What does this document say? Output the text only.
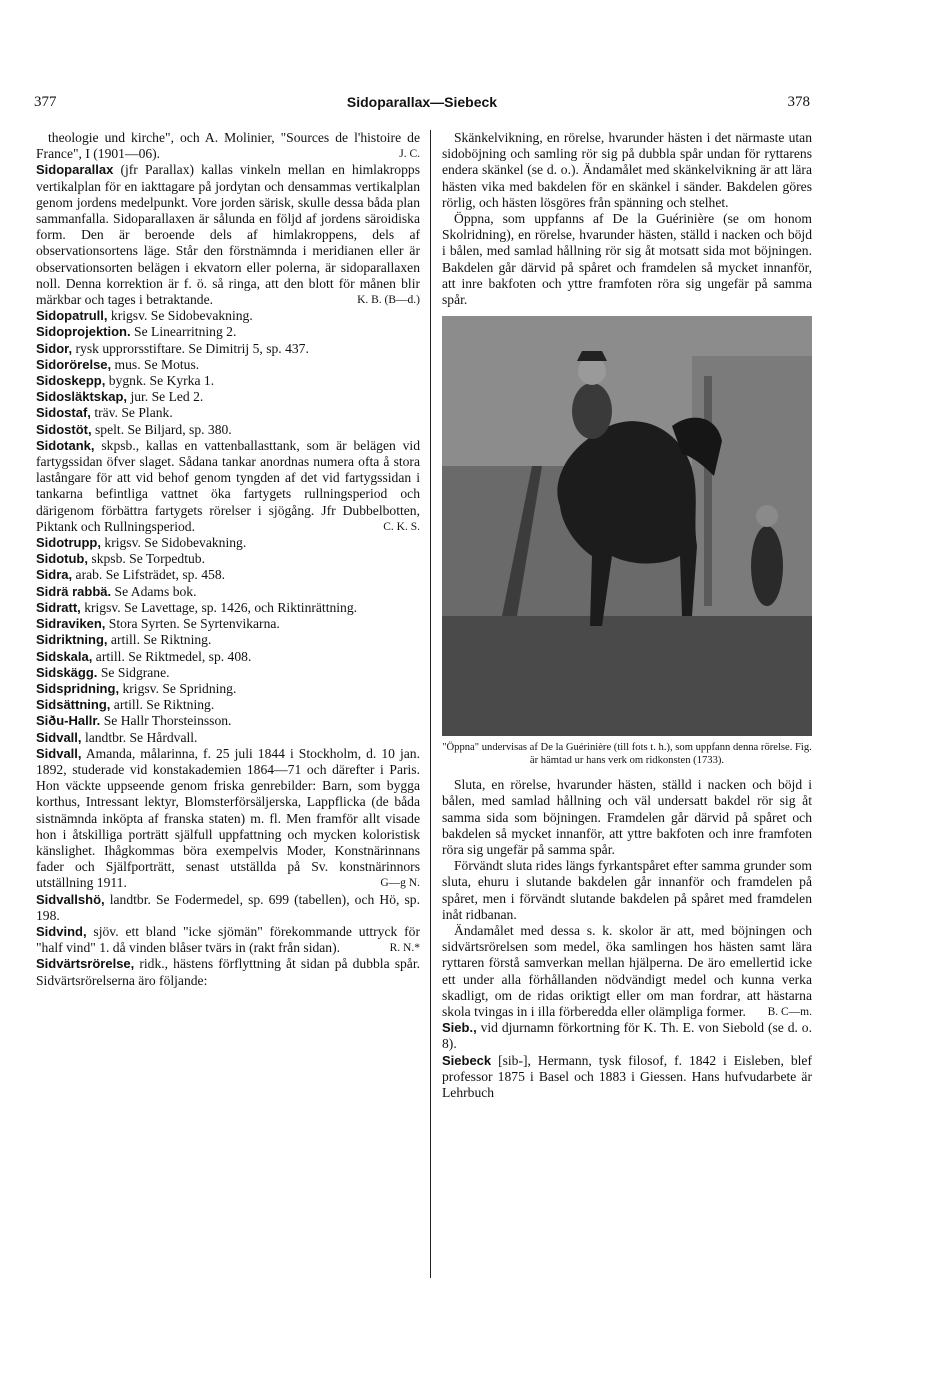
377	Sidoparallax—Siebeck	378

theologie und kirche", och A. Molinier, "Sources de l'histoire de France", I (1901—06).	J. C.

Sidoparallax (jfr Parallax) kallas vinkeln mellan en himlakropps vertikalplan för en iakttagare på jordytan och densammas vertikalplan genom jordens medelpunkt. Vore jorden särisk, skulle dessa båda plan sammanfalla. Sidoparallaxen är sålunda en följd af jordens säroidiska form. Den är beroende dels af himlakroppens, dels af observationsortens läge. Står den förstnämnda i meridianen eller är observationsorten belägen i ekvatorn eller polerna, är sidoparallaxen noll. Denna korrektion är f. ö. så ringa, att den blott för månen blir märkbar och tages i betraktande.	K. B. (B—d.)

Sidopatrull, krigsv. Se Sidobevakning.

Sidoprojektion. Se Linearritning 2.

Sidor, rysk upprorsstiftare. Se Dimitrij 5, sp. 437.

Sidorörelse, mus. Se Motus.

Sidoskepp, bygnk. Se Kyrka 1.

Sidosläktskap, jur. Se Led 2.

Sidostaf, träv. Se Plank.

Sidostöt, spelt. Se Biljard, sp. 380.

Sidotank, skpsb., kallas en vattenballasttank, som är belägen vid fartygssidan öfver slaget. Sådana tankar anordnas numera ofta å stora lastångare för att vid behof genom tyngden af det vid fartygssidan i tankarna befintliga vattnet öka fartygets rullningsperiod och därigenom förbättra fartygets rörelser i sjögång. Jfr Dubbelbotten, Piktank och Rullningsperiod.	C. K. S.

Sidotrupp, krigsv. Se Sidobevakning.

Sidotub, skpsb. Se Torpedtub.

Sidra, arab. Se Lifsträdet, sp. 458.

Sidrä rabbä. Se Adams bok.

Sidratt, krigsv. Se Lavettage, sp. 1426, och Riktinrättning.

Sidraviken, Stora Syrten. Se Syrtenvikarna.

Sidriktning, artill. Se Riktning.

Sidskala, artill. Se Riktmedel, sp. 408.

Sidskägg. Se Sidgrane.

Sidspridning, krigsv. Se Spridning.

Sidsättning, artill. Se Riktning.

Siðu-Hallr. Se Hallr Thorsteinsson.

Sidvall, landtbr. Se Hårdvall.

Sidvall, Amanda, målarinna, f. 25 juli 1844 i Stockholm, d. 10 jan. 1892, studerade vid konstakademien 1864—71 och därefter i Paris. Hon väckte uppseende genom friska genrebilder: Barn, som bygga korthus, Intressant lektyr, Blomsterförsäljerska, Lappflicka (de båda sistnämnda inköpta af franska staten) m. fl. Men framför allt visade hon i åtskilliga porträtt själfull uppfattning och mycken koloristisk känslighet. Ihågkommas böra exempelvis Moder, Konstnärinnans fader och Själfporträtt, senast utställda på Sv. konstnärinnors utställning 1911.	G—g N.

Sidvallshö, landtbr. Se Fodermedel, sp. 699 (tabellen), och Hö, sp. 198.

Sidvind, sjöv. ett bland "icke sjömän" förekommande uttryck för "half vind" 1. då vinden blåser tvärs in (rakt från sidan).	R. N.*

Sidvärtsrörelse, ridk., hästens förflyttning åt sidan på dubbla spår. Sidvärtsrörelserna äro följande:

Skänkelvikning, en rörelse, hvarunder hästen i det närmaste utan sidoböjning och samling rör sig på dubbla spår undan för ryttarens endera skänkel (se d. o.). Ändamålet med skänkelvikning är att lära hästen vika med bakdelen för en skänkel i sänder. Bakdelen göres rörlig, och hästen lösgöres från spänning och stelhet.

Öppna, som uppfanns af De la Guérinière (se om honom Skolridning), en rörelse, hvarunder hästen, ställd i nacken och böjd i bålen, med samlad hållning rör sig åt motsatt sida mot böjningen. Bakdelen går därvid på spåret och framdelen så mycket innanför, att inre bakfoten och yttre framfoten röra sig ungefär på samma spår.

"Öppna" undervisas af De la Guérinière (till fots t. h.), som uppfann denna rörelse. Fig. är hämtad ur hans verk om ridkonsten (1733).

Sluta, en rörelse, hvarunder hästen, ställd i nacken och böjd i bålen, med samlad hållning och väl undersatt bakdel rör sig åt samma sida som böjningen. Framdelen går därvid på spåret och bakdelen så mycket innanför, att yttre bakfoten och inre framfoten röra sig ungefär på samma spår.

Förvändt sluta rides längs fyrkantspåret efter samma grunder som sluta, ehuru i slutande bakdelen går innanför och framdelen på spåret, men i förvändt slutande bakdelen på spåret med framdelen inåt ridbanan.

Ändamålet med dessa s. k. skolor är att, med böjningen och sidvärtsrörelsen som medel, öka samlingen hos hästen samt lära ryttaren förstå samverkan mellan hjälperna. De äro emellertid icke ett under alla förhållanden nödvändigt medel och kunna verka skadligt, om de ridas oriktigt eller om man fordrar, att hästarna skola tvingas in i illa förberedda eller olämpliga former.	B. C—m.

Sieb., vid djurnamn förkortning för K. Th. E. von Siebold (se d. o. 8).

Siebeck [sib-], Hermann, tysk filosof, f. 1842 i Eisleben, blef professor 1875 i Basel och 1883 i Giessen. Hans hufvudarbete är Lehrbuch
